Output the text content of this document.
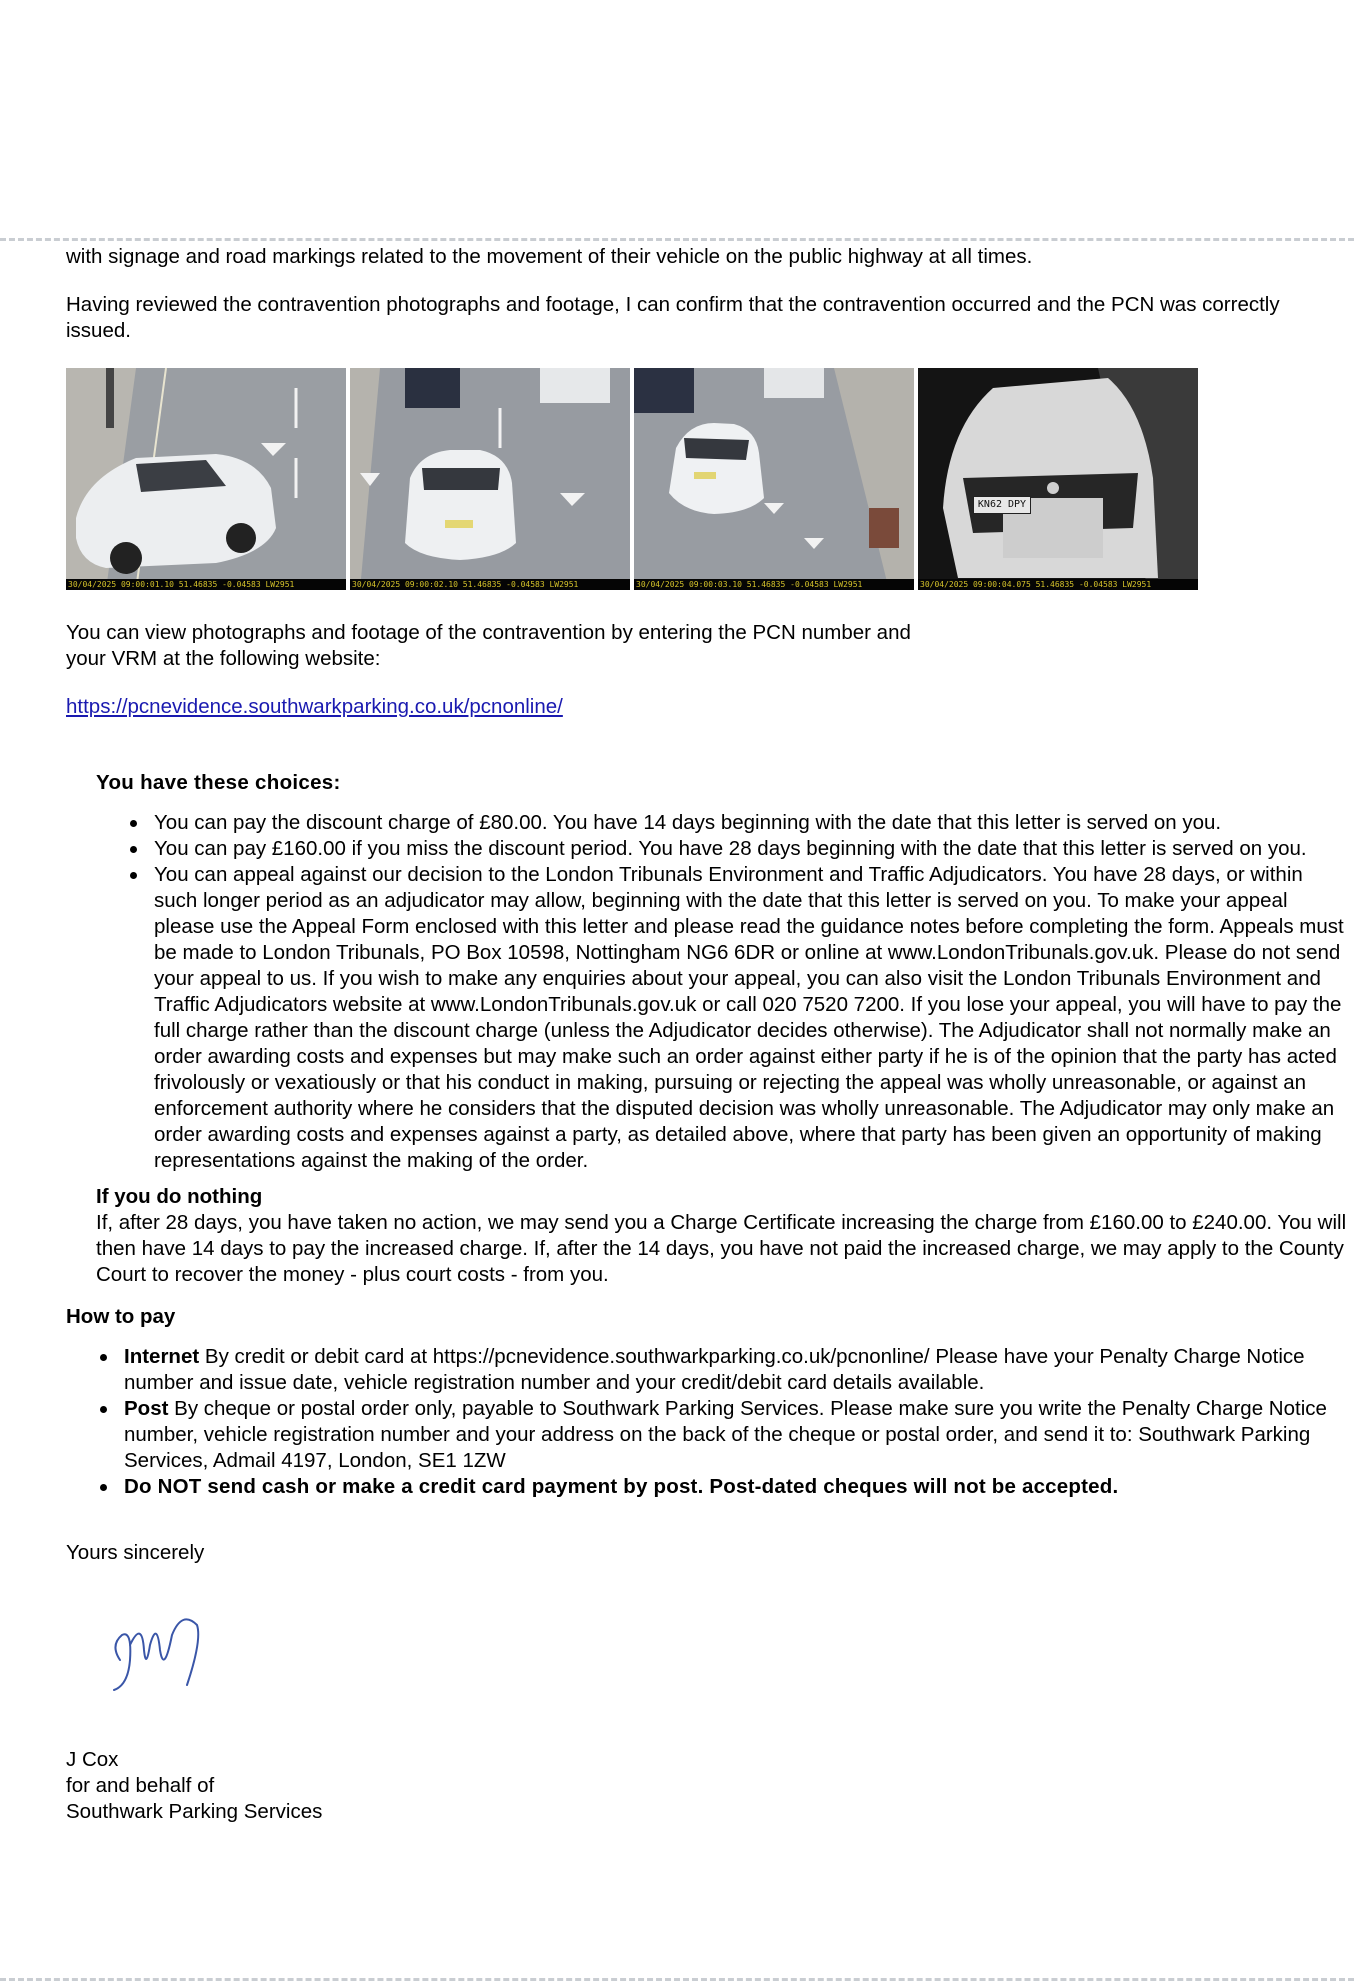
with signage and road markings related to the movement of their vehicle on the public highway at all times.

Having reviewed the contravention photographs and footage, I can confirm that the contravention occurred and the PCN was correctly issued.

30/04/2025 09:00:01.10 51.46835 -0.04583 LW2951	30/04/2025 09:00:02.10 51.46835 -0.04583 LW2951	30/04/2025 09:00:03.10 51.46835 -0.04583 LW2951
KN62 DPY
30/04/2025 09:00:04.075 51.46835 -0.04583 LW2951

You can view photographs and footage of the contravention by entering the PCN number and your VRM at the following website:

https://pcnevidence.southwarkparking.co.uk/pcnonline/

You have these choices:

You can pay the discount charge of £80.00. You have 14 days beginning with the date that this letter is served on you.
You can pay £160.00 if you miss the discount period. You have 28 days beginning with the date that this letter is served on you.
You can appeal against our decision to the London Tribunals Environment and Traffic Adjudicators. You have 28 days, or within such longer period as an adjudicator may allow, beginning with the date that this letter is served on you. To make your appeal please use the Appeal Form enclosed with this letter and please read the guidance notes before completing the form. Appeals must be made to London Tribunals, PO Box 10598, Nottingham NG6 6DR or online at www.LondonTribunals.gov.uk. Please do not send your appeal to us. If you wish to make any enquiries about your appeal, you can also visit the London Tribunals Environment and Traffic Adjudicators website at www.LondonTribunals.gov.uk or call 020 7520 7200. If you lose your appeal, you will have to pay the full charge rather than the discount charge (unless the Adjudicator decides otherwise). The Adjudicator shall not normally make an order awarding costs and expenses but may make such an order against either party if he is of the opinion that the party has acted frivolously or vexatiously or that his conduct in making, pursuing or rejecting the appeal was wholly unreasonable, or against an enforcement authority where he considers that the disputed decision was wholly unreasonable. The Adjudicator may only make an order awarding costs and expenses against a party, as detailed above, where that party has been given an opportunity of making representations against the making of the order.

If you do nothing

If, after 28 days, you have taken no action, we may send you a Charge Certificate increasing the charge from £160.00 to £240.00. You will then have 14 days to pay the increased charge. If, after the 14 days, you have not paid the increased charge, we may apply to the County Court to recover the money - plus court costs - from you.

How to pay

Internet By credit or debit card at https://pcnevidence.southwarkparking.co.uk/pcnonline/ Please have your Penalty Charge Notice number and issue date, vehicle registration number and your credit/debit card details available.
Post By cheque or postal order only, payable to Southwark Parking Services. Please make sure you write the Penalty Charge Notice number, vehicle registration number and your address on the back of the cheque or postal order, and send it to: Southwark Parking Services, Admail 4197, London, SE1 1ZW
Do NOT send cash or make a credit card payment by post. Post-dated cheques will not be accepted.

Yours sincerely

J Cox

for and behalf of

Southwark Parking Services
